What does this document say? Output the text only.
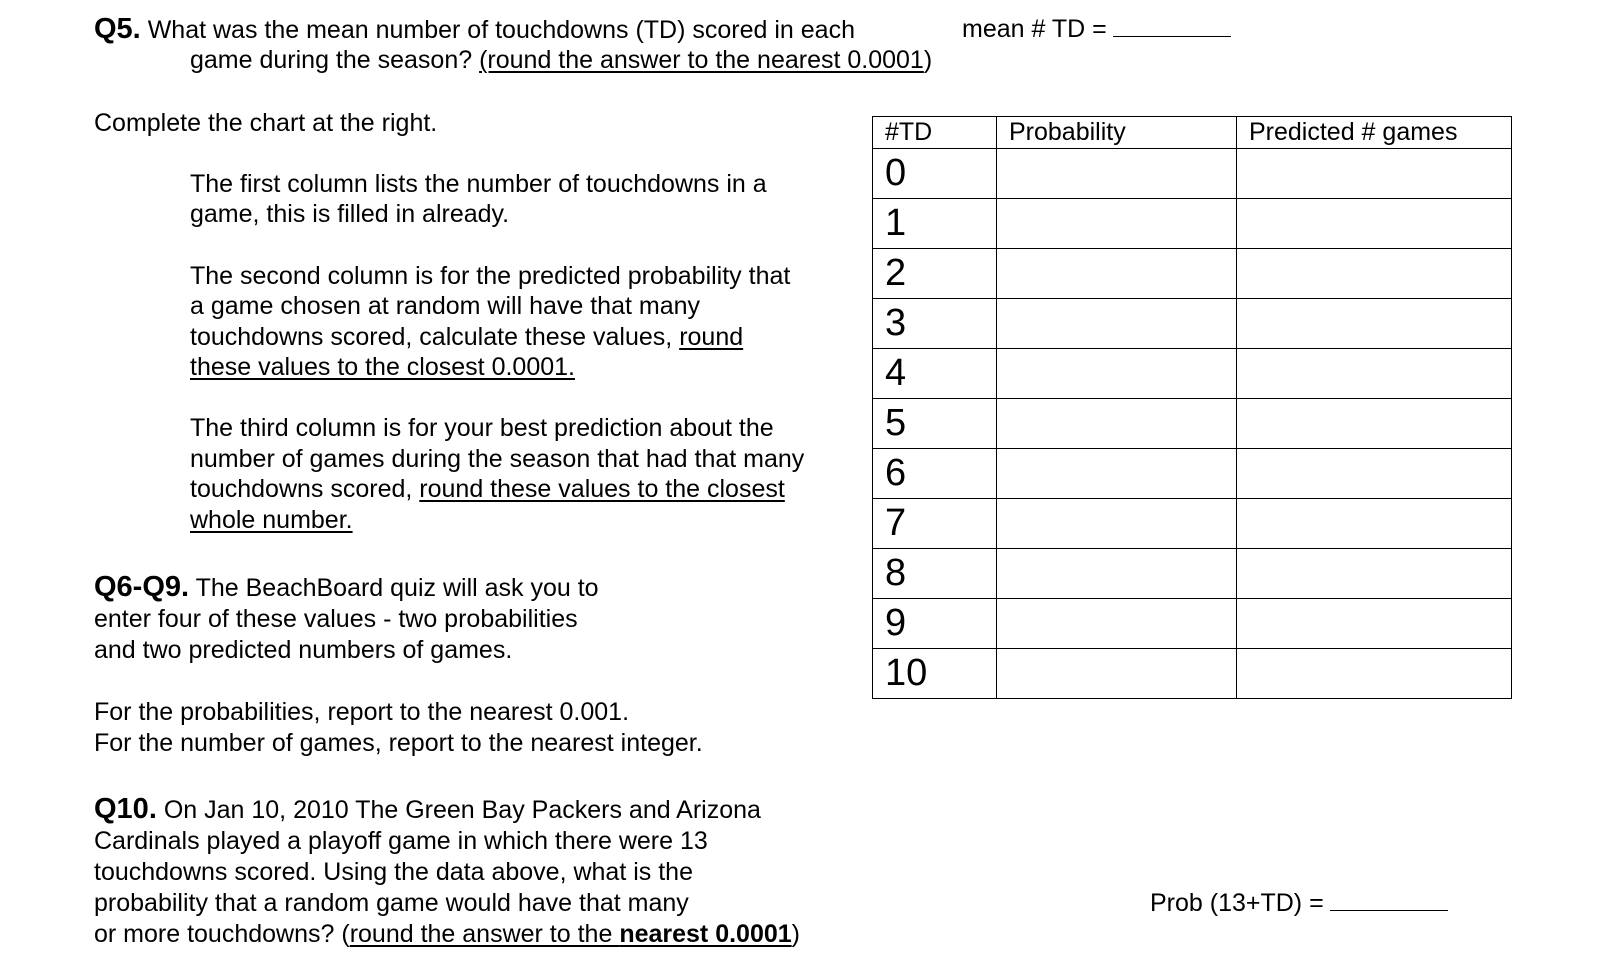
Q5. What was the mean number of touchdowns (TD) scored in each
game during the season? (round the answer to the nearest 0.0001)
mean # TD =
Complete the chart at the right.
The first column lists the number of touchdowns in a
game, this is filled in already.
The second column is for the predicted probability that
a game chosen at random will have that many
touchdowns scored, calculate these values, round
these values to the closest 0.0001.
The third column is for your best prediction about the
number of games during the season that had that many
touchdowns scored, round these values to the closest
whole number.
Q6-Q9. The BeachBoard quiz will ask you to
enter four of these values - two probabilities
and two predicted numbers of games.
For the probabilities, report to the nearest 0.001.
For the number of games, report to the nearest integer.
Q10. On Jan 10, 2010 The Green Bay Packers and Arizona
Cardinals played a playoff game in which there were 13
touchdowns scored. Using the data above, what is the
probability that a random game would have that many
or more touchdowns? (round the answer to the nearest 0.0001)
Prob (13+TD) =
#TD	Probability	Predicted # games
0		
1		
2		
3		
4		
5		
6		
7		
8		
9		
10		
